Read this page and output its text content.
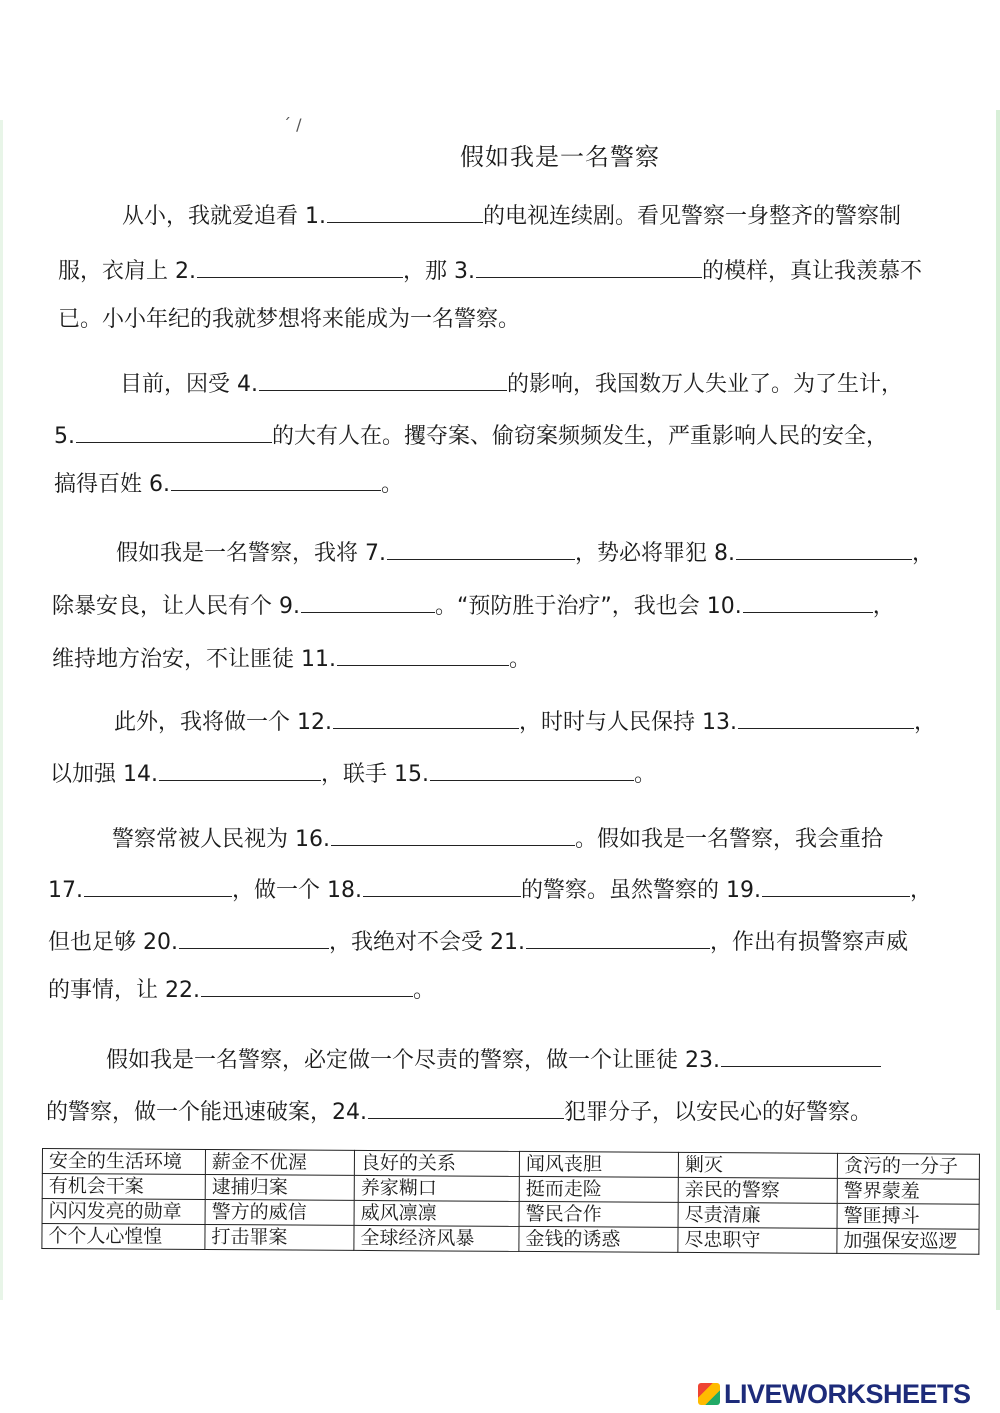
ˊ /
假如我是一名警察
从小，我就爱追看 1.	的电视连续剧。看见警察一身整齐的警察制
服，衣肩上 2.	，那 3.	的模样，真让我羡慕不
已。小小年纪的我就梦想将来能成为一名警察。
目前，因受 4.	的影响，我国数万人失业了。为了生计，
5.	的大有人在。攫夺案、偷窃案频频发生，严重影响人民的安全，
搞得百姓 6.	。
假如我是一名警察，我将 7.	，势必将罪犯 8.	，
除暴安良，让人民有个 9.	。“预防胜于治疗”，我也会 10.	，
维持地方治安，不让匪徒 11.	。
此外，我将做一个 12.	，时时与人民保持 13.	，
以加强 14.	，联手 15.	。
警察常被人民视为 16.	。假如我是一名警察，我会重拾
17.	，做一个 18.	的警察。虽然警察的 19.	，
但也足够 20.	，我绝对不会受 21.	，作出有损警察声威
的事情，让 22.	。
假如我是一名警察，必定做一个尽责的警察，做一个让匪徒 23.
的警察，做一个能迅速破案，24.	犯罪分子，以安民心的好警察。
安全的生活环境	薪金不优渥	良好的关系	闻风丧胆	剿灭	贪污的一分子
有机会干案	逮捕归案	养家糊口	挺而走险	亲民的警察	警界蒙羞
闪闪发亮的勋章	警方的威信	威风凛凛	警民合作	尽责清廉	警匪搏斗
个个人心惶惶	打击罪案	全球经济风暴	金钱的诱惑	尽忠职守	加强保安巡逻
LIVEWORKSHEETS
